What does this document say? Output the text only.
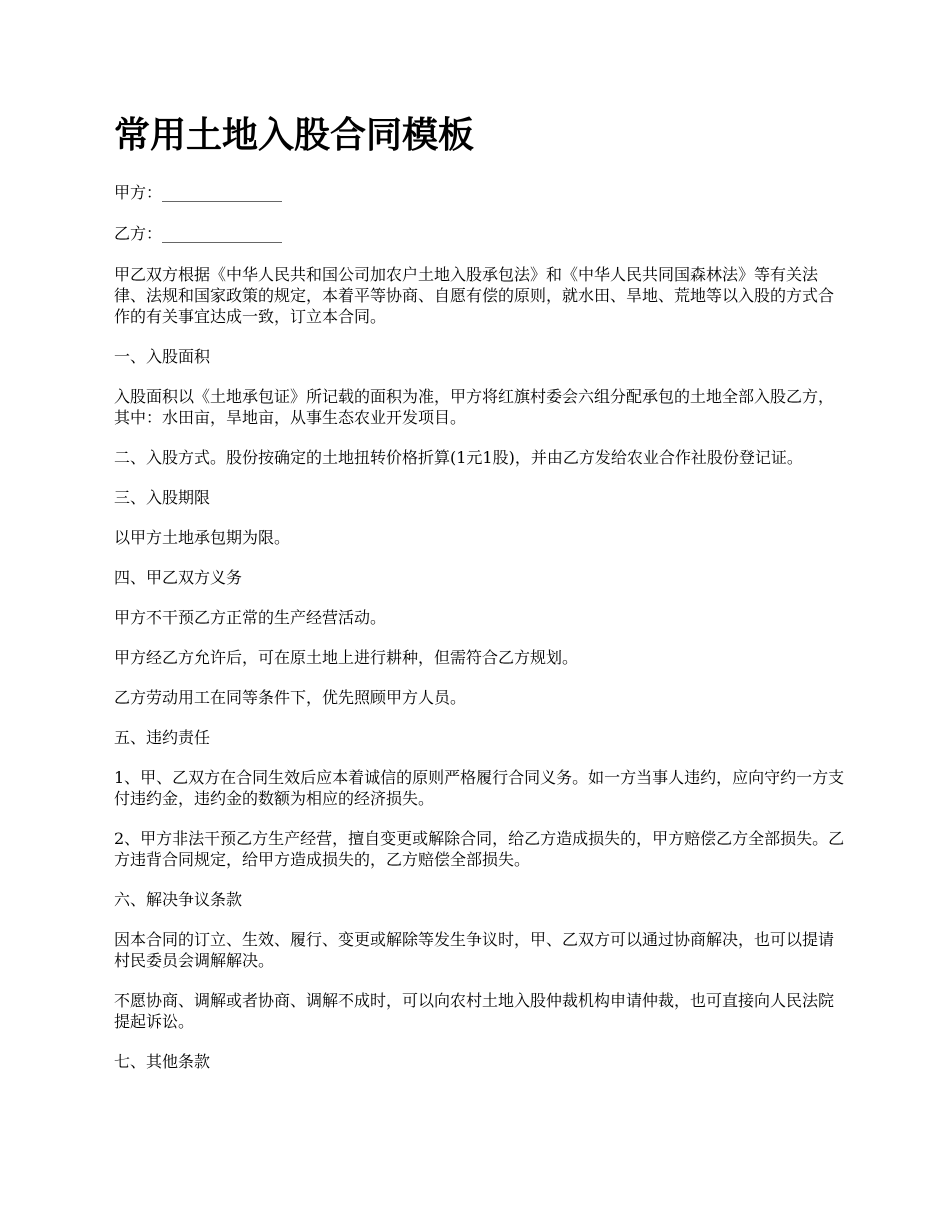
常用土地入股合同模板

甲方：_______________

乙方：_______________

甲乙双方根据《中华人民共和国公司加农户土地入股承包法》和《中华人民共同国森林法》等有关法律、法规和国家政策的规定，本着平等协商、自愿有偿的原则，就水田、旱地、荒地等以入股的方式合作的有关事宜达成一致，订立本合同。

一、入股面积

入股面积以《土地承包证》所记载的面积为准，甲方将红旗村委会六组分配承包的土地全部入股乙方，其中：水田亩，旱地亩，从事生态农业开发项目。

二、入股方式。股份按确定的土地扭转价格折算(1元1股)，并由乙方发给农业合作社股份登记证。

三、入股期限

以甲方土地承包期为限。

四、甲乙双方义务

甲方不干预乙方正常的生产经营活动。

甲方经乙方允许后，可在原土地上进行耕种，但需符合乙方规划。

乙方劳动用工在同等条件下，优先照顾甲方人员。

五、违约责任

1、甲、乙双方在合同生效后应本着诚信的原则严格履行合同义务。如一方当事人违约，应向守约一方支付违约金，违约金的数额为相应的经济损失。

2、甲方非法干预乙方生产经营，擅自变更或解除合同，给乙方造成损失的，甲方赔偿乙方全部损失。乙方违背合同规定，给甲方造成损失的，乙方赔偿全部损失。

六、解决争议条款

因本合同的订立、生效、履行、变更或解除等发生争议时，甲、乙双方可以通过协商解决，也可以提请村民委员会调解解决。

不愿协商、调解或者协商、调解不成时，可以向农村土地入股仲裁机构申请仲裁，也可直接向人民法院提起诉讼。

七、其他条款
